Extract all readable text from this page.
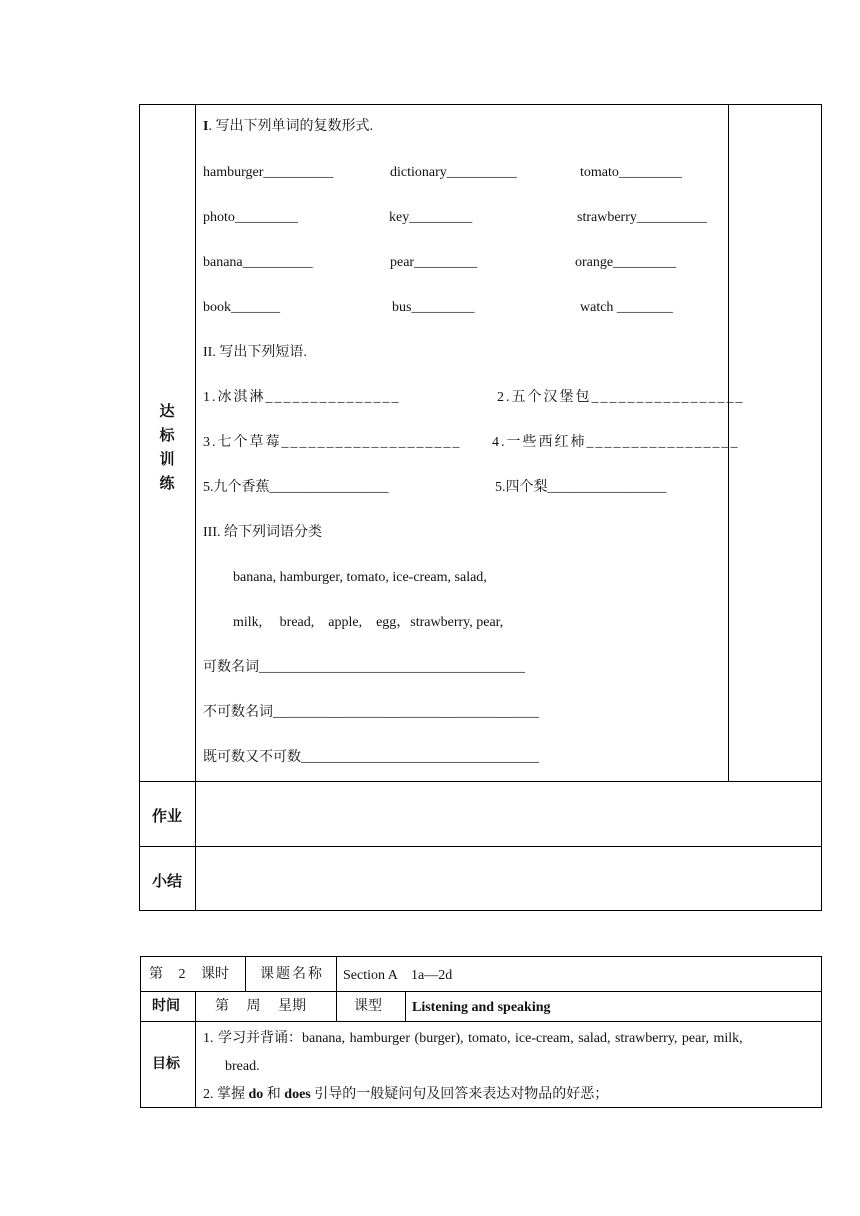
达
标
训
练
I. 写出下列单词的复数形式.
hamburger__________	dictionary__________	tomato_________
photo_________	key_________	strawberry__________
banana__________	pear_________	orange_________
book_______	bus_________	watch ________
II. 写出下列短语.
1.冰淇淋_______________	2.五个汉堡包_________________
3.七个草莓____________________ 4.一些西红柿_________________
5.九个香蕉_________________	5.四个梨_________________
III. 给下列词语分类
banana, hamburger, tomato, ice-cream, salad,
milk,     bread,    apple,    egg，strawberry, pear,
可数名词______________________________________
不可数名词______________________________________
既可数又不可数__________________________________
作业
小结
第 2 课时 课题名称 Section A    1a—2d
时间	第 周 星期	课型 Listening and speaking
目标
1. 学习并背诵：banana, hamburger (burger), tomato, ice-cream, salad, strawberry, pear, milk,
bread.
2. 掌握 do 和 does 引导的一般疑问句及回答来表达对物品的好恶；
